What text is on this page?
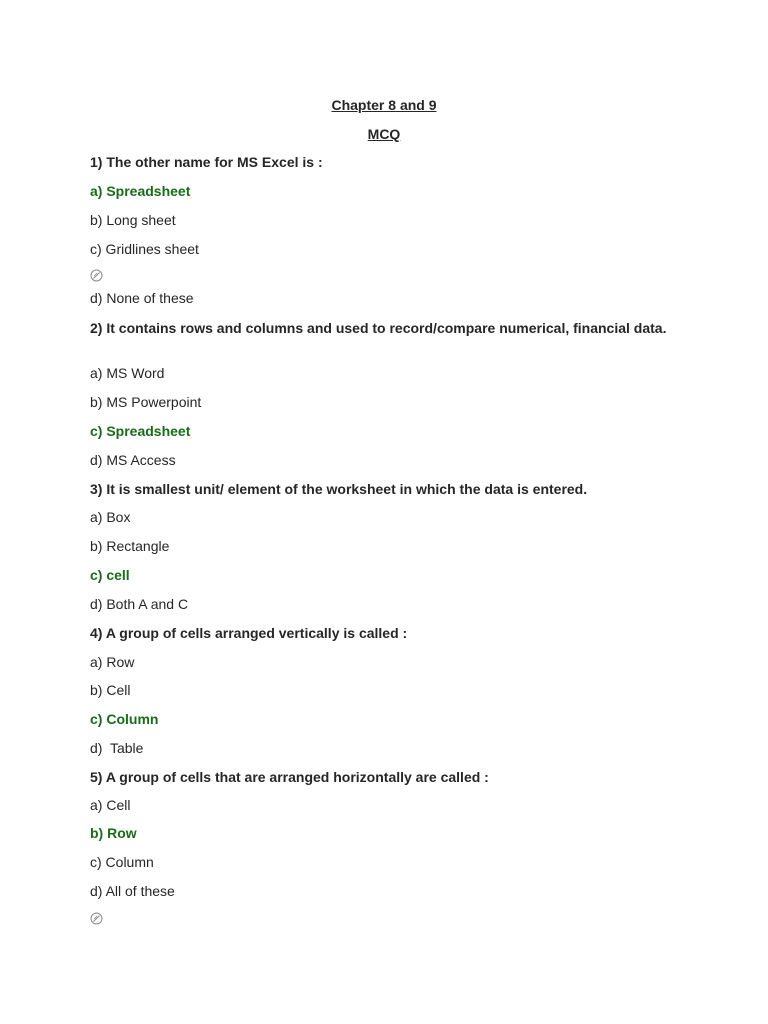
Chapter 8 and 9
MCQ
1) The other name for MS Excel is :
a) Spreadsheet
b) Long sheet
c) Gridlines sheet
d) None of these
2) It contains rows and columns and used to record/compare numerical, financial data.
a) MS Word
b) MS Powerpoint
c) Spreadsheet
d) MS Access
3) It is smallest unit/ element of the worksheet in which the data is entered.
a) Box
b) Rectangle
c) cell
d) Both A and C
4) A group of cells arranged vertically is called :
a) Row
b) Cell
c) Column
d)  Table
5) A group of cells that are arranged horizontally are called :
a) Cell
b) Row
c) Column
d) All of these
